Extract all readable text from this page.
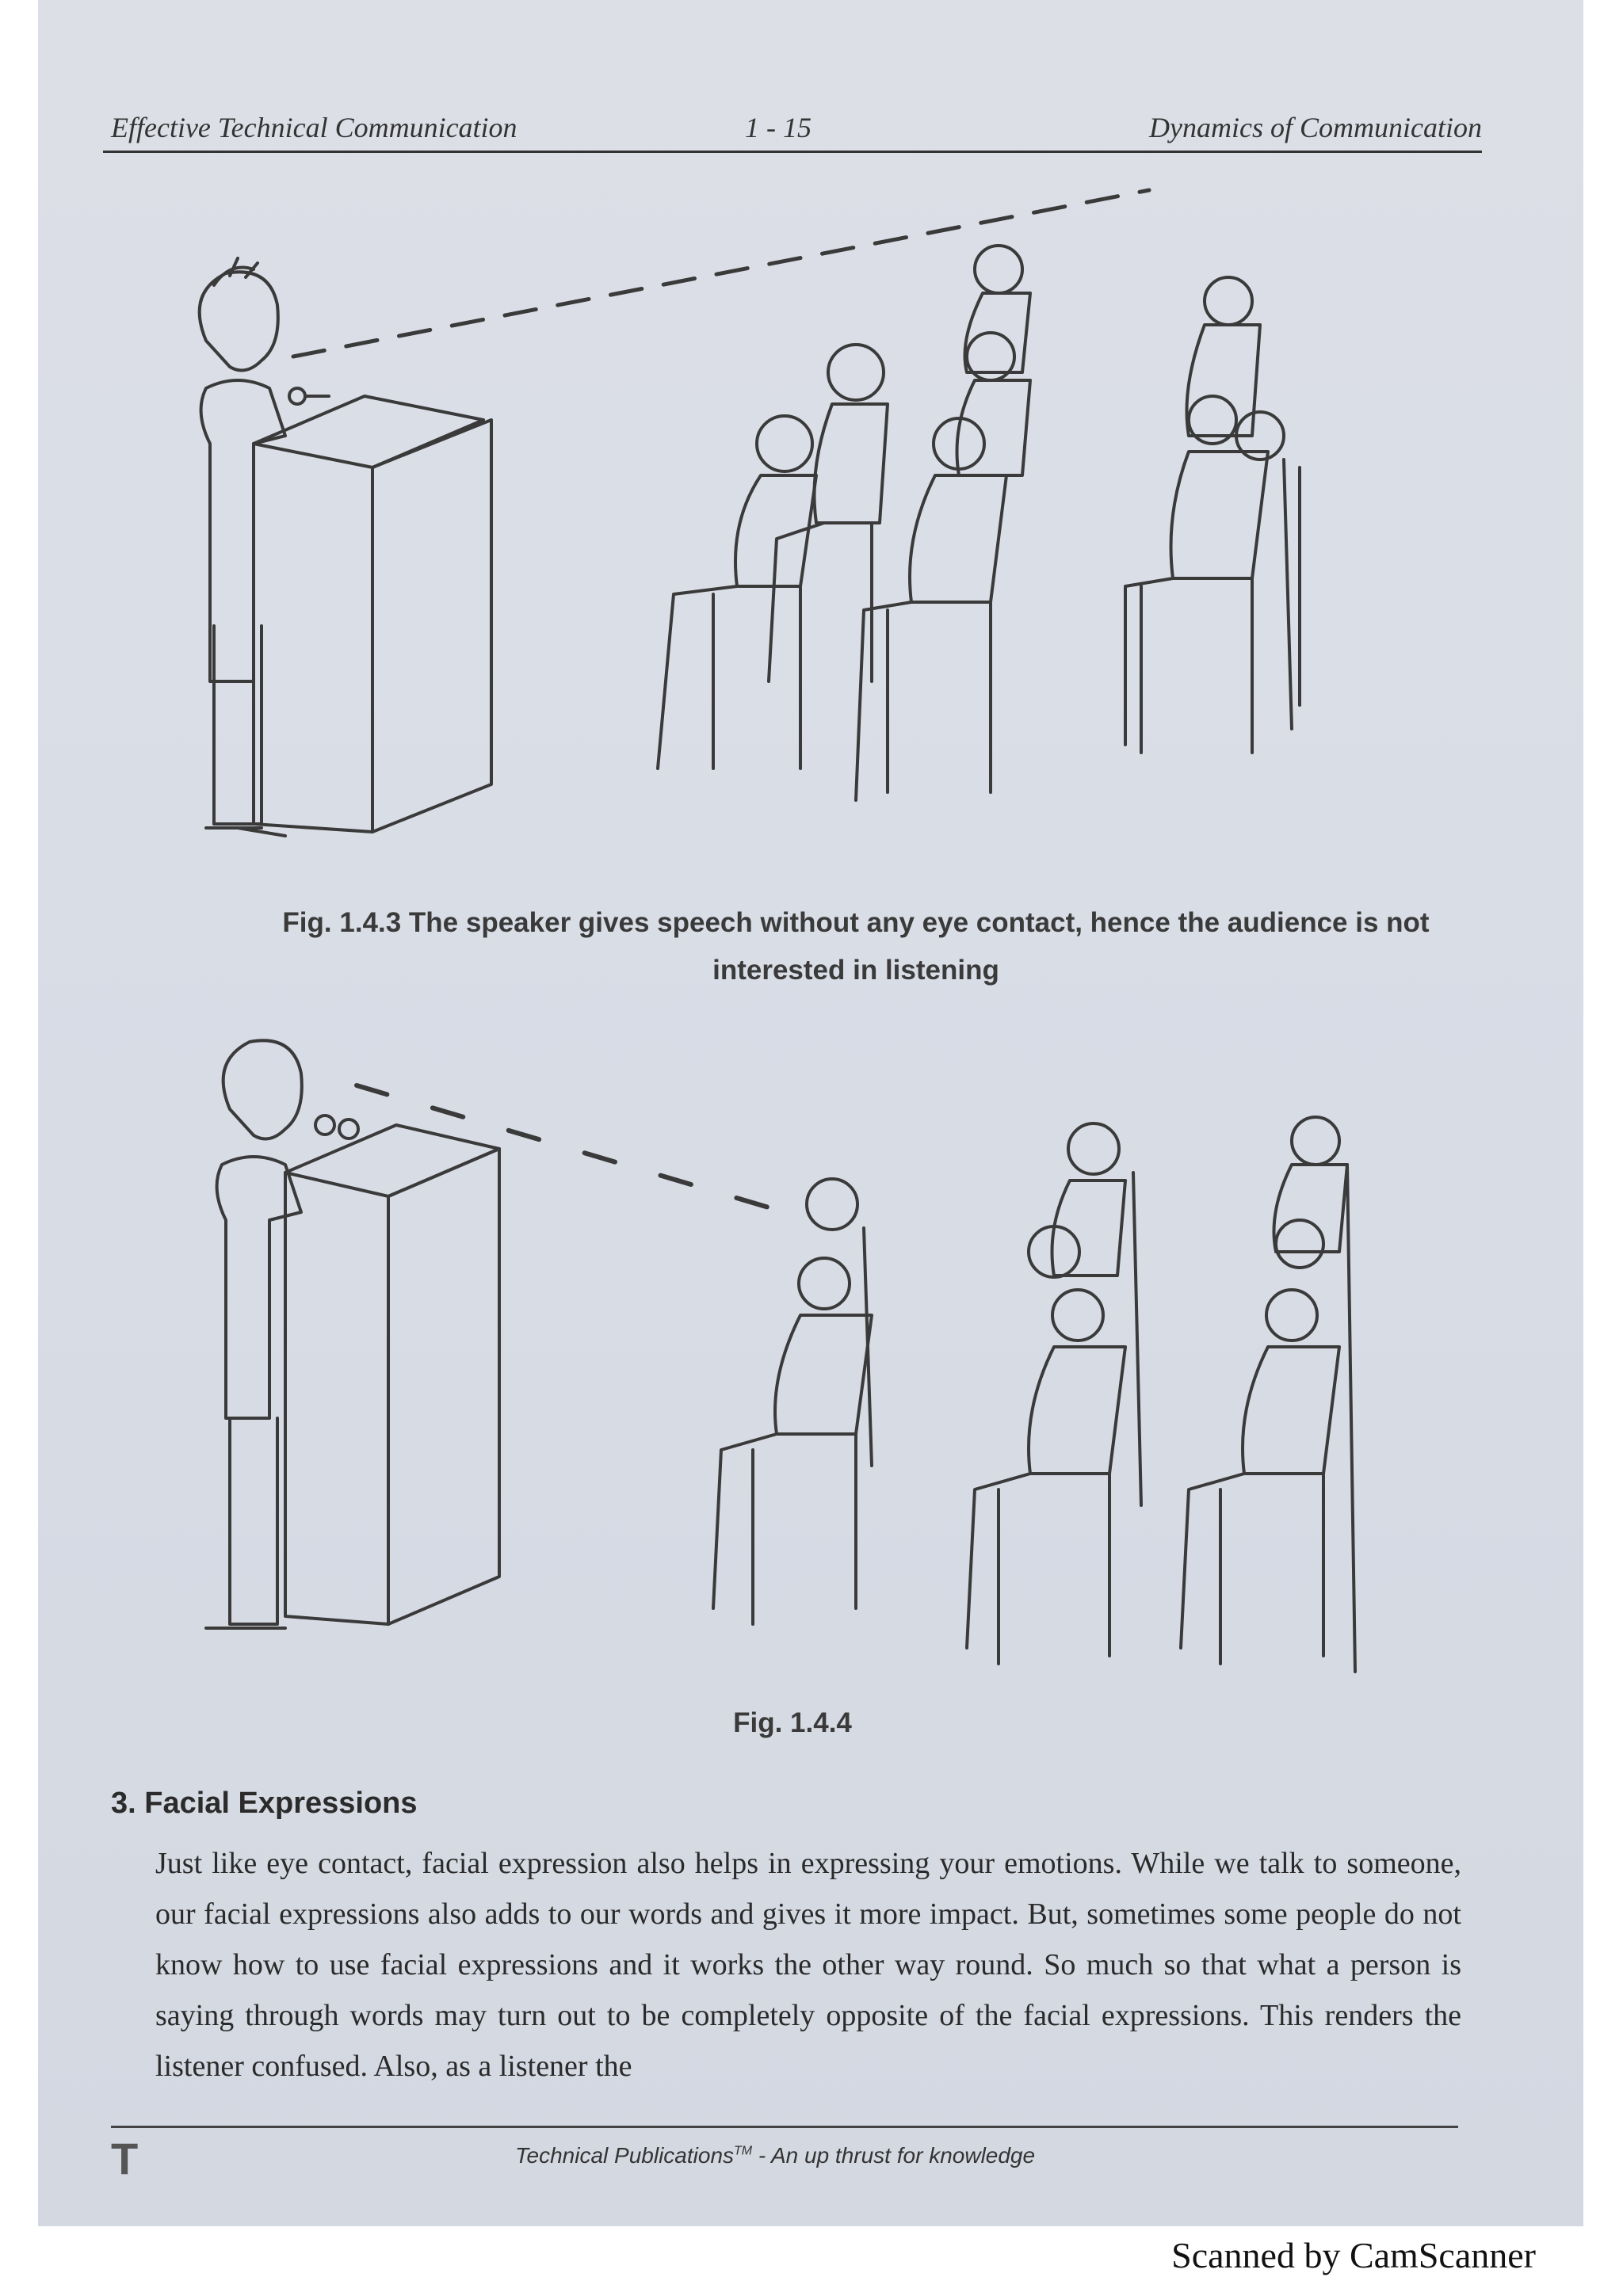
Effective Technical Communication	1 - 15	Dynamics of Communication
Fig. 1.4.3 The speaker gives speech without any eye contact, hence the audience is not
interested in listening
Fig. 1.4.4
3. Facial Expressions
Just like eye contact, facial expression also helps in expressing your emotions. While we talk to someone, our facial expressions also adds to our words and gives it more impact. But, sometimes some people do not know how to use facial expressions and it works the other way round. So much so that what a person is saying through words may turn out to be completely opposite of the facial expressions. This renders the listener confused. Also, as a listener the
T	Technical Publications™ - An up thrust for knowledge
Scanned by CamScanner
